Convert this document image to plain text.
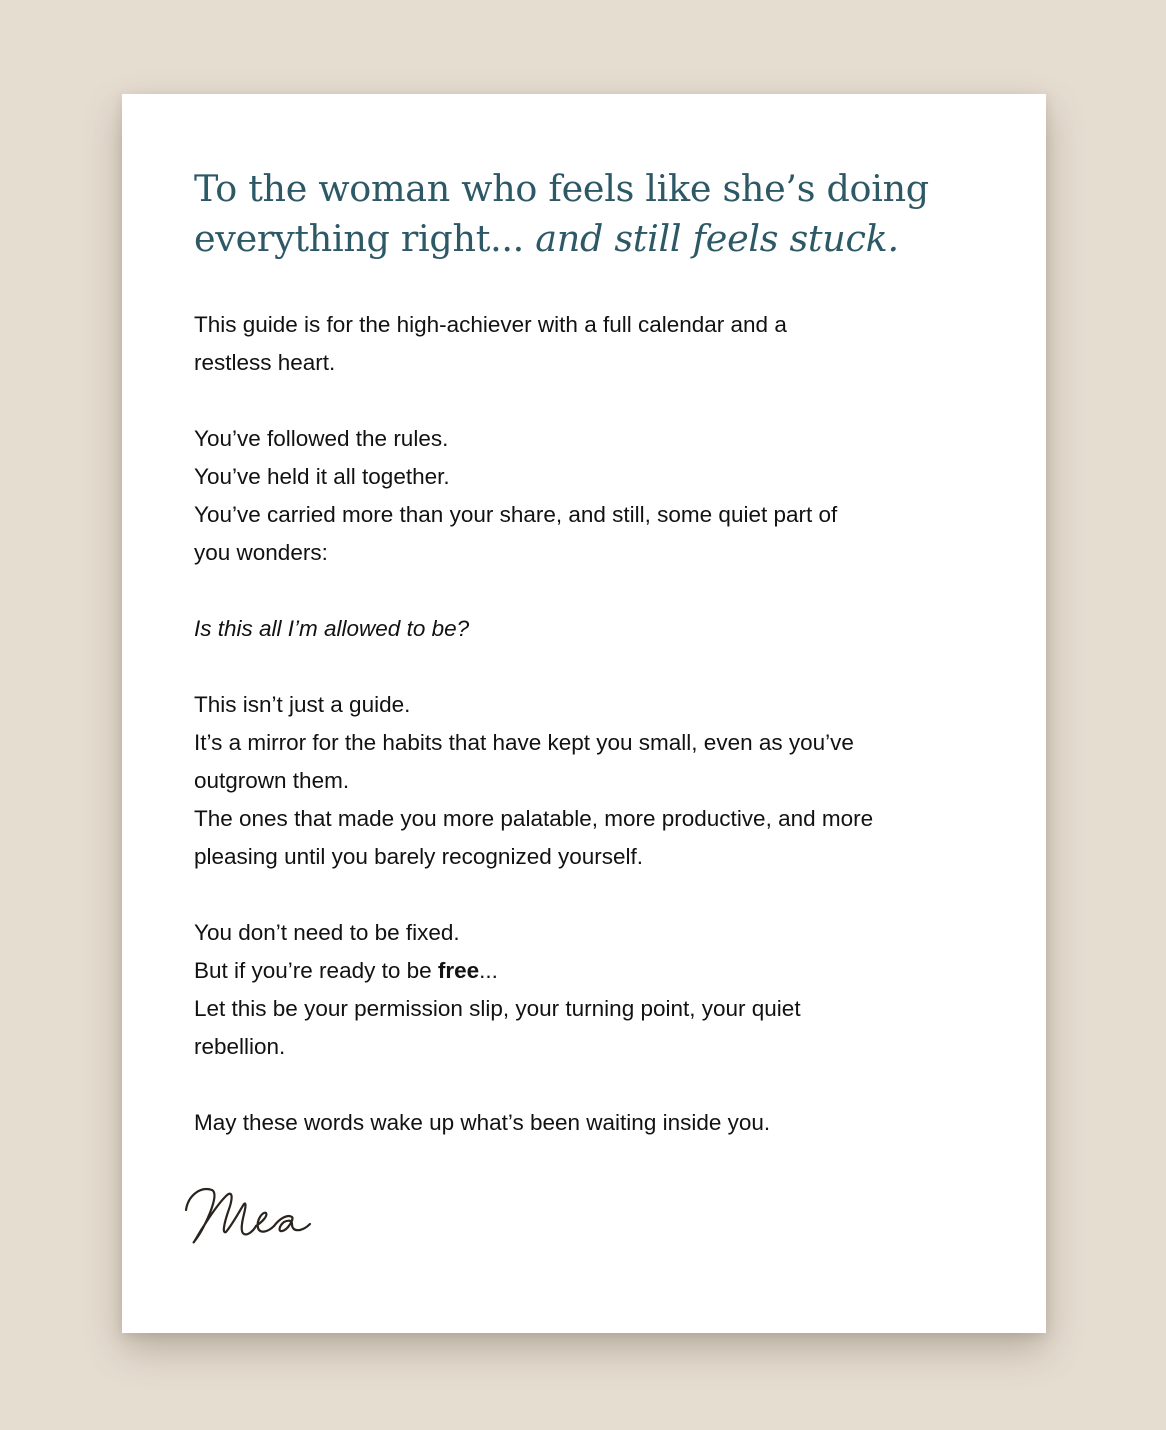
To the woman who feels like she’s doing
everything right... and still feels stuck.

This guide is for the high-achiever with a full calendar and a

restless heart.

You’ve followed the rules.

You’ve held it all together.

You’ve carried more than your share, and still, some quiet part of

you wonders:

Is this all I’m allowed to be?

This isn’t just a guide.

It’s a mirror for the habits that have kept you small, even as you’ve

outgrown them.

The ones that made you more palatable, more productive, and more

pleasing until you barely recognized yourself.

You don’t need to be fixed.

But if you’re ready to be free...

Let this be your permission slip, your turning point, your quiet

rebellion.

May these words wake up what’s been waiting inside you.
